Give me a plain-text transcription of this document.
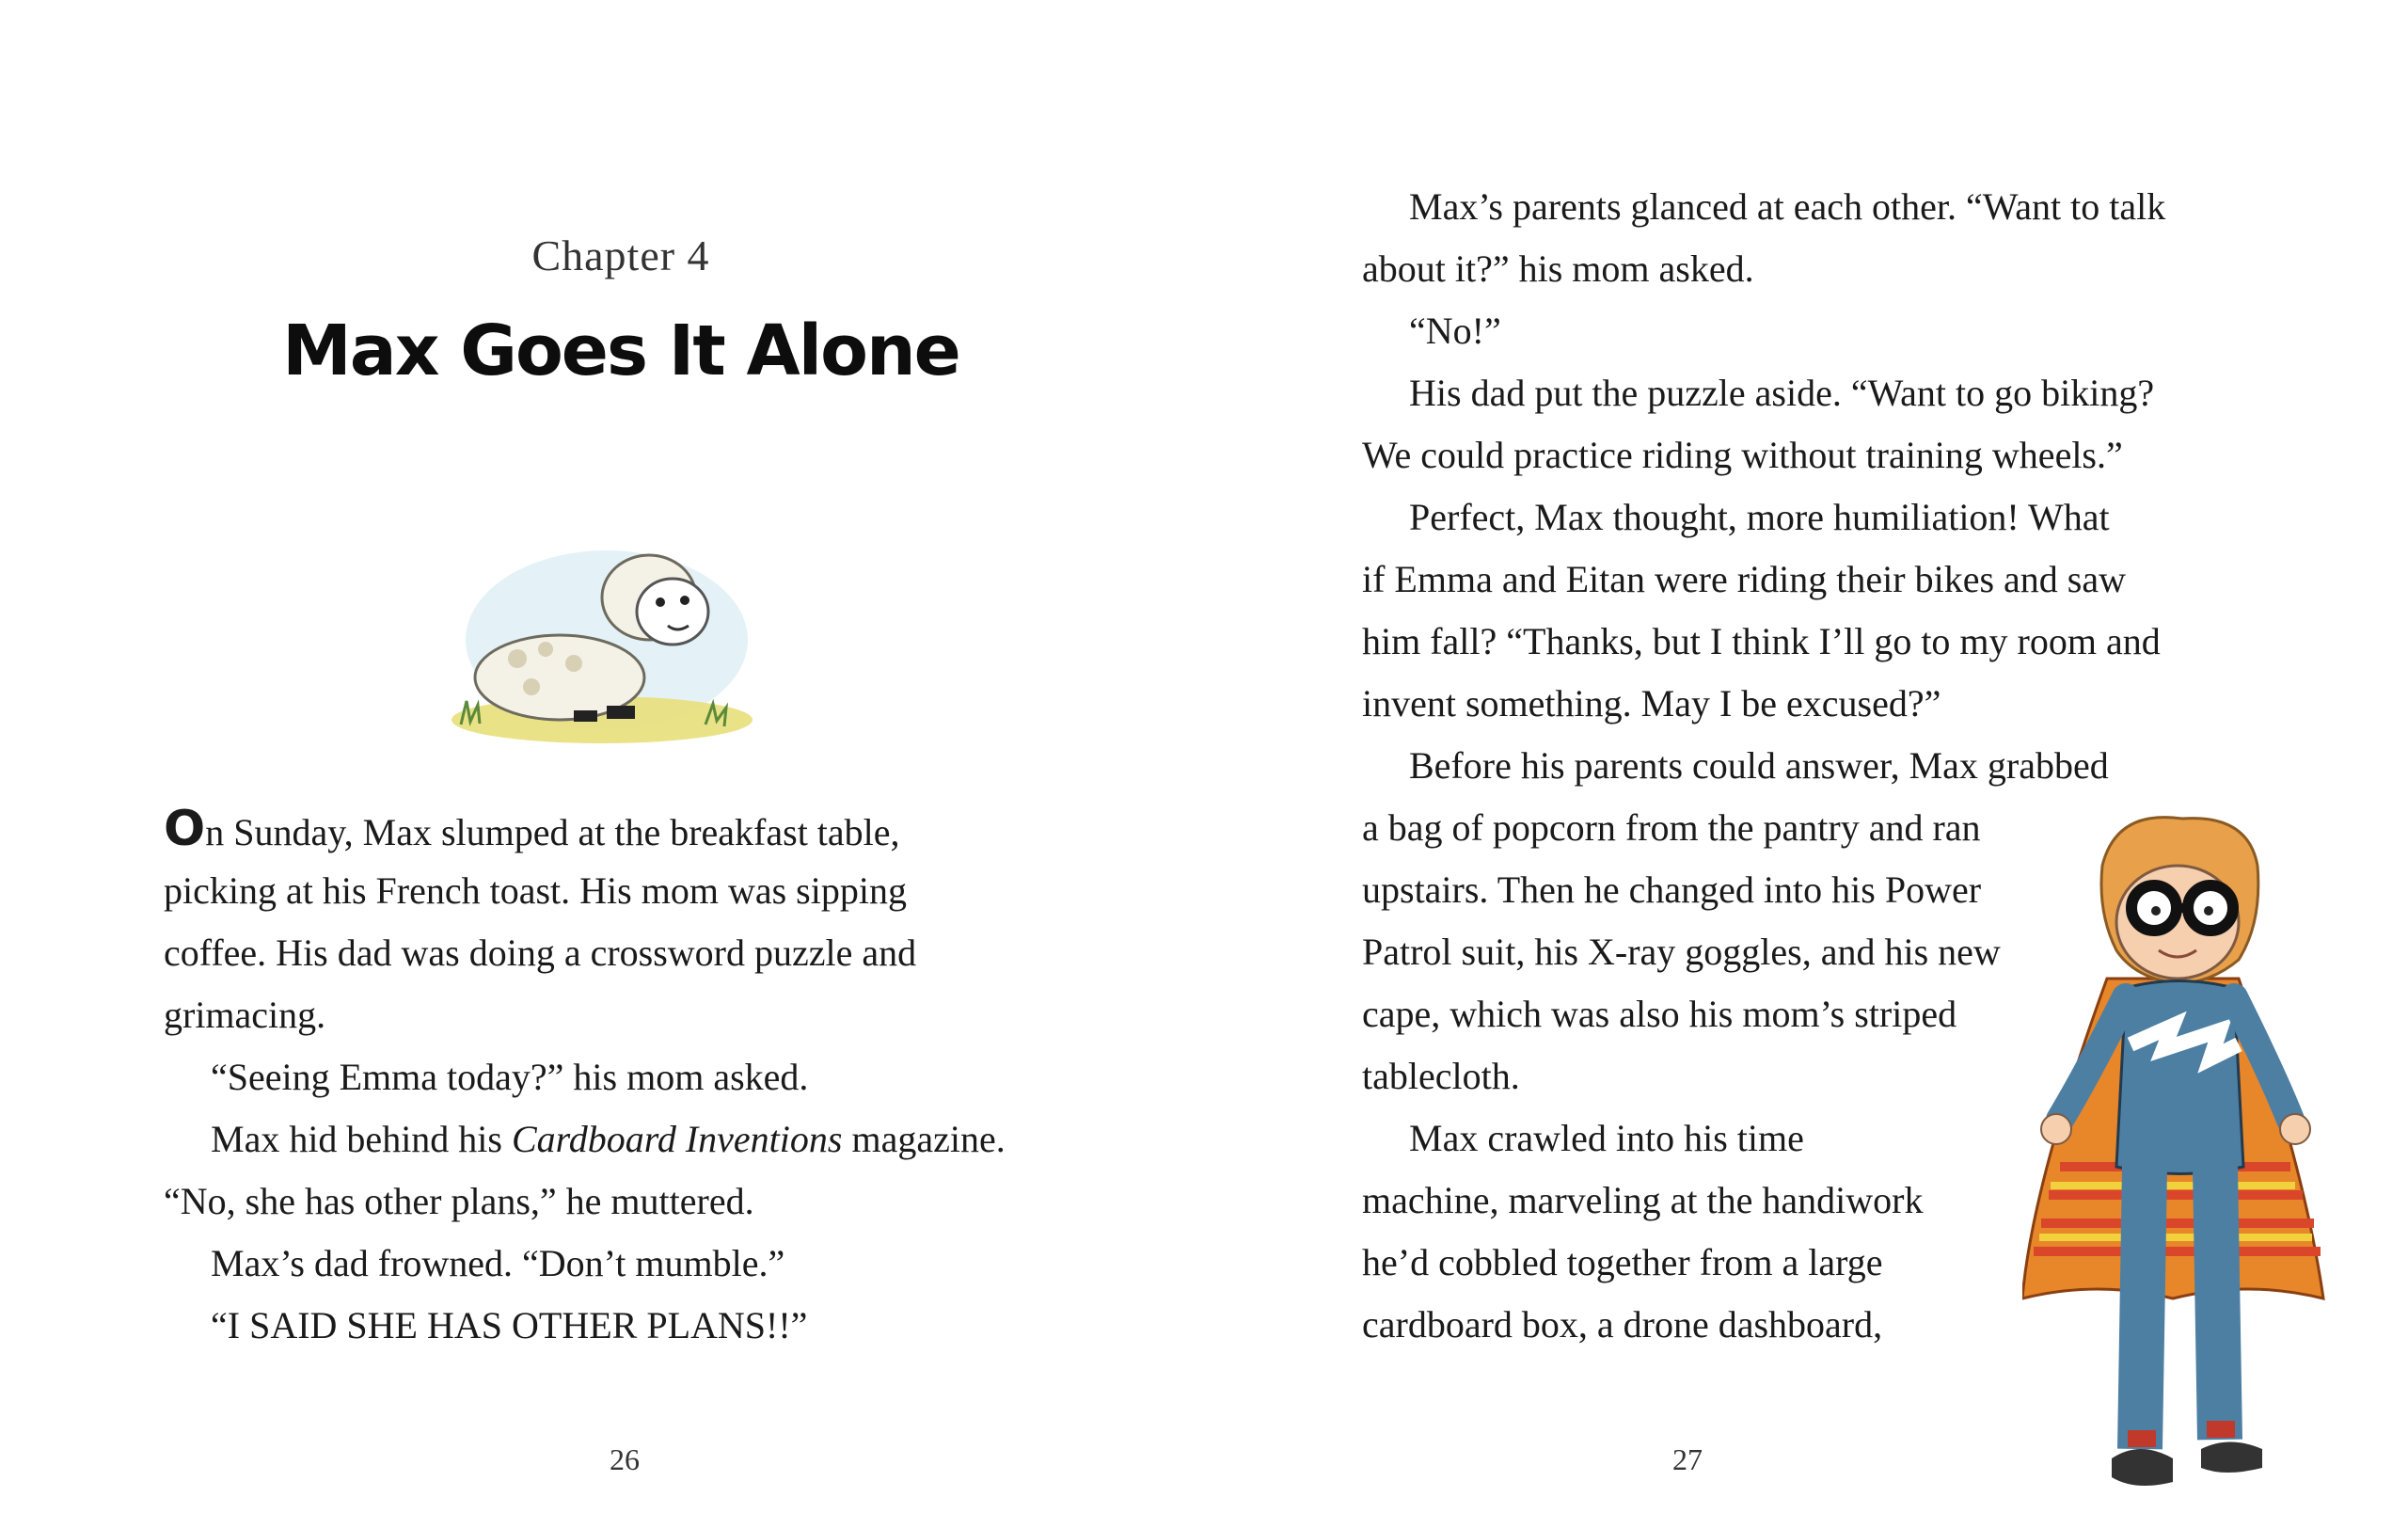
Chapter 4
Max Goes It Alone
On Sunday, Max slumped at the breakfast table,
picking at his French toast. His mom was sipping
coffee. His dad was doing a crossword puzzle and
grimacing.
“Seeing Emma today?” his mom asked.
Max hid behind his Cardboard Inventions magazine.
“No, she has other plans,” he muttered.
Max’s dad frowned. “Don’t mumble.”
“I SAID SHE HAS OTHER PLANS!!”
26
Max’s parents glanced at each other. “Want to talk
about it?” his mom asked.
“No!”
His dad put the puzzle aside. “Want to go biking?
We could practice riding without training wheels.”
Perfect, Max thought, more humiliation! What
if Emma and Eitan were riding their bikes and saw
him fall? “Thanks, but I think I’ll go to my room and
invent something. May I be excused?”
Before his parents could answer, Max grabbed
a bag of popcorn from the pantry and ran
upstairs. Then he changed into his Power
Patrol suit, his X-ray goggles, and his new
cape, which was also his mom’s striped
tablecloth.
Max crawled into his time
machine, marveling at the handiwork
he’d cobbled together from a large
cardboard box, a drone dashboard,
27
